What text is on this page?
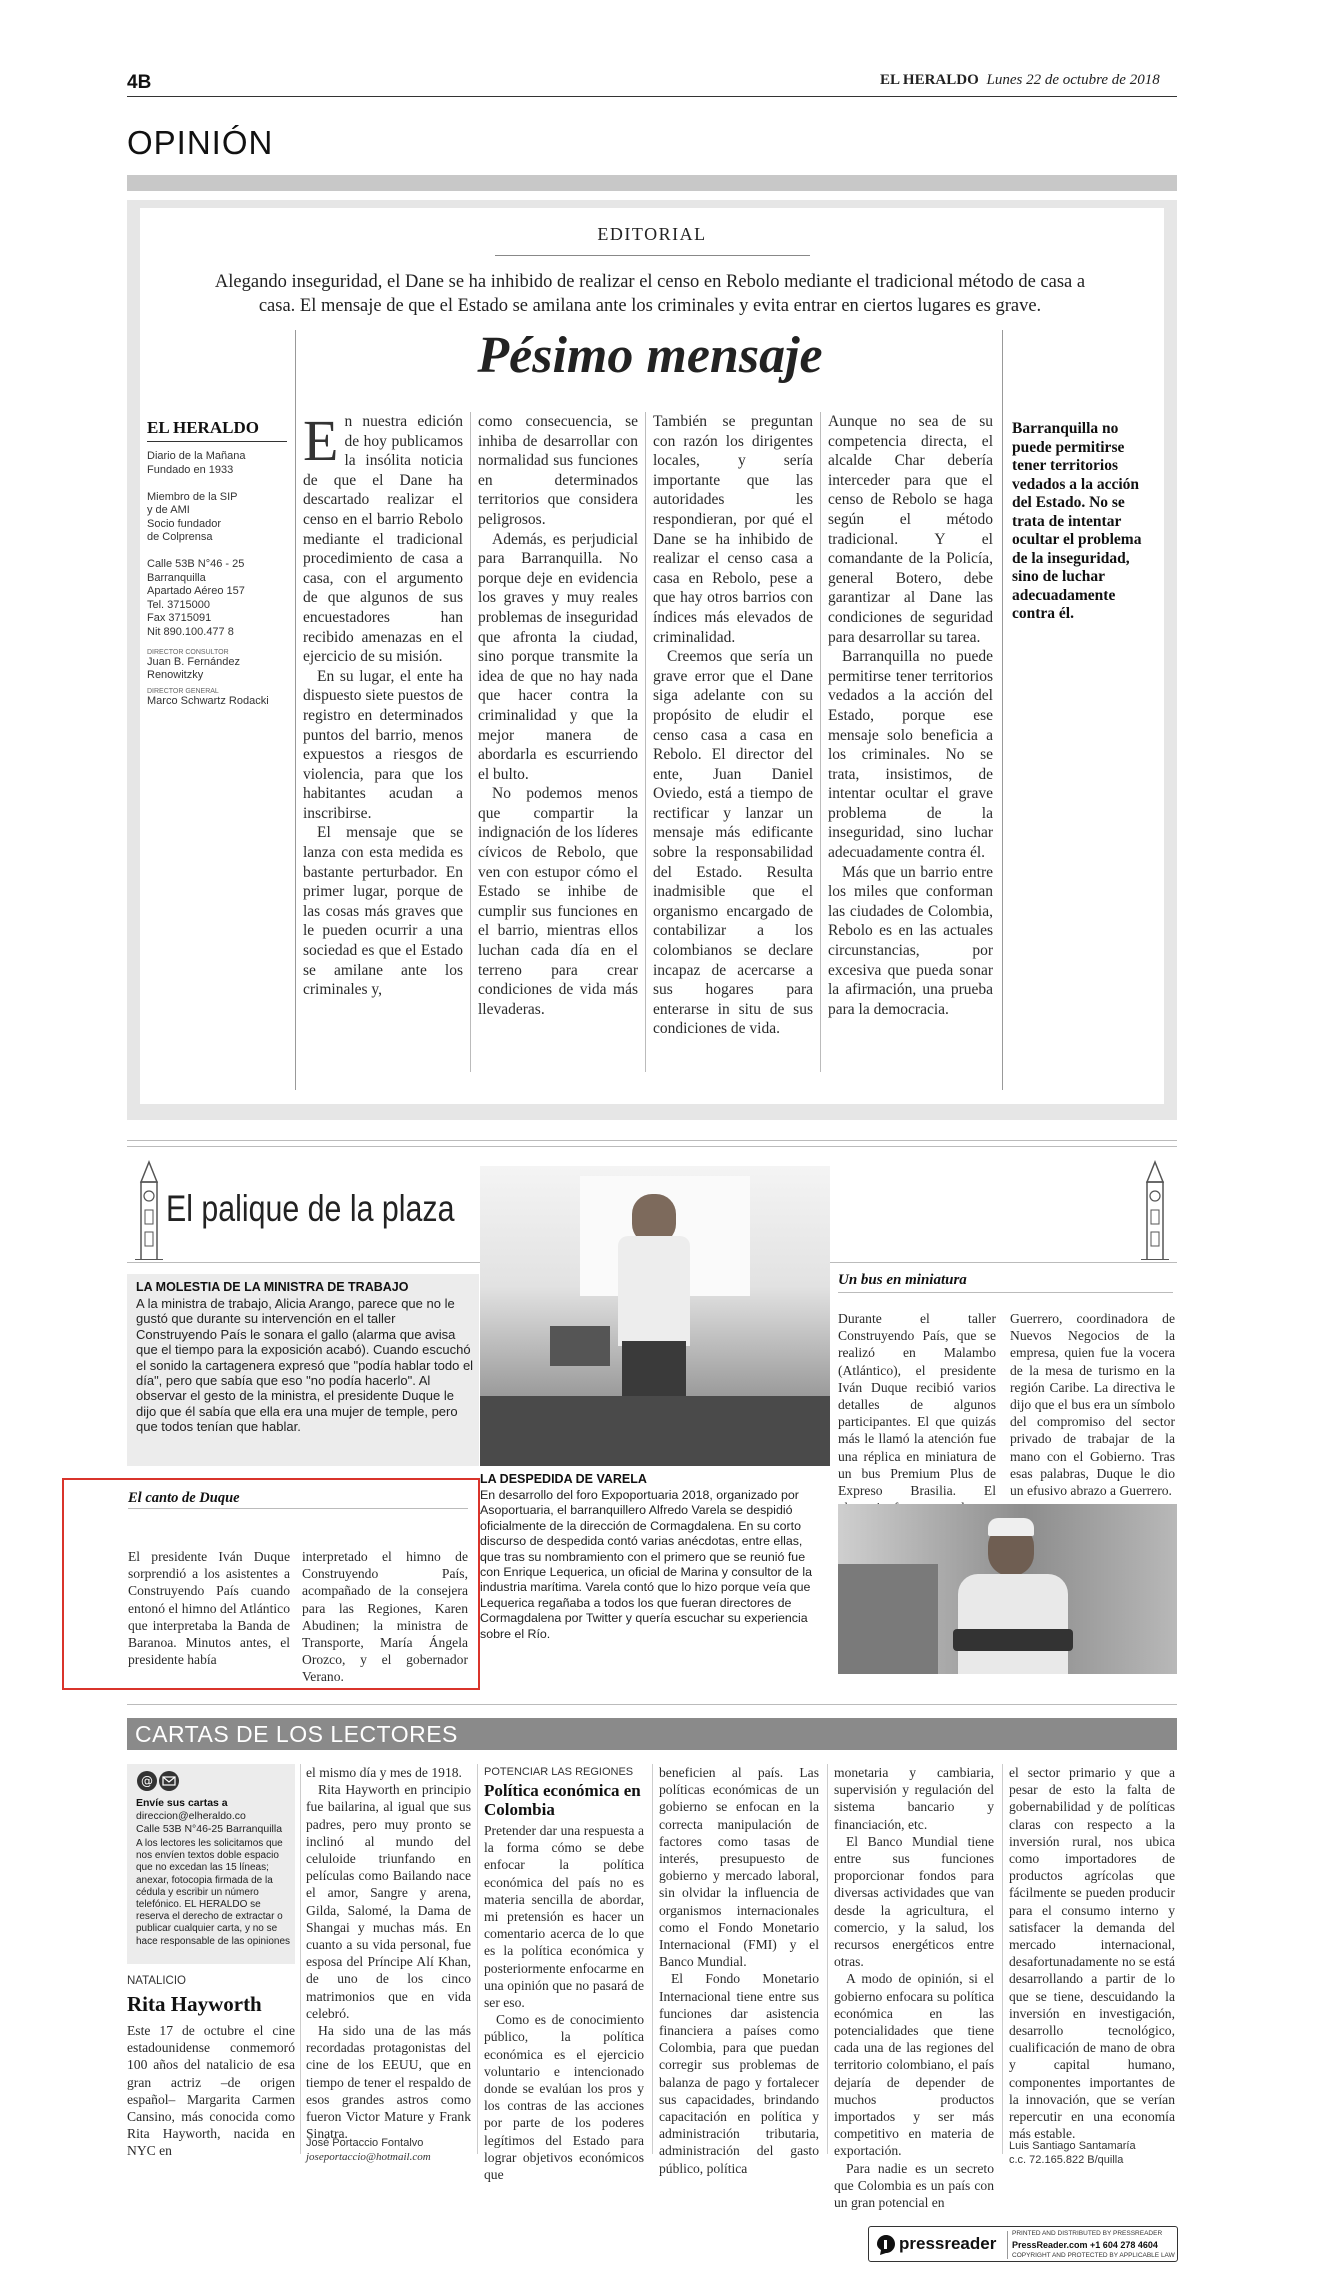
4B	EL HERALDO Lunes 22 de octubre de 2018
OPINIÓN
EDITORIAL
Alegando inseguridad, el Dane se ha inhibido de realizar el censo en Rebolo mediante el tradicional método de casa a casa. El mensaje de que el Estado se amilana ante los criminales y evita entrar en ciertos lugares es grave.
Pésimo mensaje
EL HERALDO
Diario de la Mañana
Fundado en 1933

Miembro de la SIP
y de AMI
Socio fundador
de Colprensa

Calle 53B N°46 - 25
Barranquilla
Apartado Aéreo 157
Tel. 3715000
Fax 3715091
Nit 890.100.477 8
DIRECTOR CONSULTOR
Juan B. Fernández Renowitzky
DIRECTOR GENERAL
Marco Schwartz Rodacki

En nuestra edición de hoy publicamos la insólita noticia de que el Dane ha descartado realizar el censo en el barrio Rebolo mediante el tradicional procedimiento de casa a casa, con el argumento de que algunos de sus encuestadores han recibido amenazas en el ejercicio de su misión.

En su lugar, el ente ha dispuesto siete puestos de registro en determinados puntos del barrio, menos expuestos a riesgos de violencia, para que los habitantes acudan a inscribirse.

El mensaje que se lanza con esta medida es bastante perturbador. En primer lugar, porque de las cosas más graves que le pueden ocurrir a una sociedad es que el Estado se amilane ante los criminales y,

como consecuencia, se inhiba de desarrollar con normalidad sus funciones en determinados territorios que considera peligrosos.

Además, es perjudicial para Barranquilla. No porque deje en evidencia los graves y muy reales problemas de inseguridad que afronta la ciudad, sino porque transmite la idea de que no hay nada que hacer contra la criminalidad y que la mejor manera de abordarla es escurriendo el bulto.

No podemos menos que compartir la indignación de los líderes cívicos de Rebolo, que ven con estupor cómo el Estado se inhibe de cumplir sus funciones en el barrio, mientras ellos luchan cada día en el terreno para crear condiciones de vida más llevaderas.

También se preguntan con razón los dirigentes locales, y sería importante que las autoridades les respondieran, por qué el Dane se ha inhibido de realizar el censo casa a casa en Rebolo, pese a que hay otros barrios con índices más elevados de criminalidad.

Creemos que sería un grave error que el Dane siga adelante con su propósito de eludir el censo casa a casa en Rebolo. El director del ente, Juan Daniel Oviedo, está a tiempo de rectificar y lanzar un mensaje más edificante sobre la responsabilidad del Estado. Resulta inadmisible que el organismo encargado de contabilizar a los colombianos se declare incapaz de acercarse a sus hogares para enterarse in situ de sus condiciones de vida.

Aunque no sea de su competencia directa, el alcalde Char debería interceder para que el censo de Rebolo se haga según el método tradicional. Y el comandante de la Policía, general Botero, debe garantizar al Dane las condiciones de seguridad para desarrollar su tarea.

Barranquilla no puede permitirse tener territorios vedados a la acción del Estado, porque ese mensaje solo beneficia a los criminales. No se trata, insistimos, de intentar ocultar el grave problema de la inseguridad, sino luchar adecuadamente contra él.

Más que un barrio entre los miles que conforman las ciudades de Colombia, Rebolo es en las actuales circunstancias, por excesiva que pueda sonar la afirmación, una prueba para la democracia.

Barranquilla no puede permitirse tener territorios vedados a la acción del Estado. No se trata de intentar ocultar el problema de la inseguridad, sino de luchar adecuadamente contra él.
El palique de la plaza
LA MOLESTIA DE LA MINISTRA DE TRABAJO
A la ministra de trabajo, Alicia Arango, parece que no le gustó que durante su intervención en el taller Construyendo País le sonara el gallo (alarma que avisa que el tiempo para la exposición acabó). Cuando escuchó el sonido la cartagenera expresó que "podía hablar todo el día", pero que sabía que eso "no podía hacerlo". Al observar el gesto de la ministra, el presidente Duque le dijo que él sabía que ella era una mujer de temple, pero que todos tenían que hablar.
El canto de Duque
El presidente Iván Duque sorprendió a los asistentes a Construyendo País cuando entonó el himno del Atlántico que interpretaba la Banda de Baranoa. Minutos antes, el presidente había
interpretado el himno de Construyendo País, acompañado de la consejera para las Regiones, Karen Abudinen; la ministra de Transporte, María Ángela Orozco, y el gobernador Verano.
LA DESPEDIDA DE VARELA
En desarrollo del foro Expoportuaria 2018, organizado por Asoportuaria, el barranquillero Alfredo Varela se despidió oficialmente de la dirección de Cormagdalena. En su corto discurso de despedida contó varias anécdotas, entre ellas, que tras su nombramiento con el primero que se reunió fue con Enrique Lequerica, un oficial de Marina y consultor de la industria marítima. Varela contó que lo hizo porque veía que Lequerica regañaba a todos los que fueran directores de Cormagdalena por Twitter y quería escuchar su experiencia sobre el Río.
Un bus en miniatura
Durante el taller Construyendo País, que se realizó en Malambo (Atlántico), el presidente Iván Duque recibió varios detalles de algunos participantes. El que quizás más le llamó la atención fue una réplica en miniatura de un bus Premium Plus de Expreso Brasilia. El
Guerrero, coordinadora de Nuevos Negocios de la empresa, quien fue la vocera de la mesa de turismo en la región Caribe. La directiva le dijo que el bus era un símbolo del compromiso del sector privado de trabajar de la mano con el Gobierno. Tras esas palabras, Duque le dio un efusivo abrazo a Guerrero.
CARTAS DE LOS LECTORES
@
Envíe sus cartas a
direccion@elheraldo.co
Calle 53B N°46-25 Barranquilla
A los lectores les solicitamos que nos envíen textos doble espacio que no excedan las 15 líneas; anexar, fotocopia firmada de la cédula y escribir un número telefónico. EL HERALDO se reserva el derecho de extractar o publicar cualquier carta, y no se hace responsable de las opiniones
NATALICIO
Rita Hayworth
Este 17 de octubre el cine estadounidense conmemoró 100 años del natalicio de esa gran actriz –de origen español– Margarita Carmen Cansino, más conocida como Rita Hayworth, nacida en NYC en

el mismo día y mes de 1918.

Rita Hayworth en principio fue bailarina, al igual que sus padres, pero muy pronto se inclinó al mundo del celuloide triunfando en películas como Bailando nace el amor, Sangre y arena, Gilda, Salomé, la Dama de Shangai y muchas más. En cuanto a su vida personal, fue esposa del Príncipe Alí Khan, de uno de los cinco matrimonios que en vida celebró.

Ha sido una de las más recordadas protagonistas del cine de los EEUU, que en tiempo de tener el respaldo de esos grandes astros como fueron Victor Mature y Frank Sinatra.

José Portaccio Fontalvo
joseportaccio@hotmail.com
POTENCIAR LAS REGIONES
Política económica en Colombia

Pretender dar una respuesta a la forma cómo se debe enfocar la política económica del país no es materia sencilla de abordar, mi pretensión es hacer un comentario acerca de lo que es la política económica y posteriormente enfocarme en una opinión que no pasará de ser eso.

Como es de conocimiento público, la política económica es el ejercicio voluntario e intencionado donde se evalúan los pros y los contras de las acciones por parte de los poderes legítimos del Estado para lograr objetivos económicos que

beneficien al país. Las políticas económicas de un gobierno se enfocan en la correcta manipulación de factores como tasas de interés, presupuesto de gobierno y mercado laboral, sin olvidar la influencia de organismos internacionales como el Fondo Monetario Internacional (FMI) y el Banco Mundial.

El Fondo Monetario Internacional tiene entre sus funciones dar asistencia financiera a países como Colombia, para que puedan corregir sus problemas de balanza de pago y fortalecer sus capacidades, brindando capacitación en política y administración tributaria, administración del gasto público, política

monetaria y cambiaria, supervisión y regulación del sistema bancario y financiación, etc.

El Banco Mundial tiene entre sus funciones proporcionar fondos para diversas actividades que van desde la agricultura, el comercio, y la salud, los recursos energéticos entre otras.

A modo de opinión, si el gobierno enfocara su política económica en las potencialidades que tiene cada una de las regiones del territorio colombiano, el país dejaría de depender de muchos productos importados y ser más competitivo en materia de exportación.

Para nadie es un secreto que Colombia es un país con un gran potencial en

el sector primario y que a pesar de esto la falta de gobernabilidad y de políticas claras con respecto a la inversión rural, nos ubica como importadores de productos agrícolas que fácilmente se pueden producir para el consumo interno y satisfacer la demanda del mercado internacional, desafortunadamente no se está desarrollando a partir de lo que se tiene, descuidando la inversión en investigación, desarrollo tecnológico, cualificación de mano de obra y capital humano, componentes importantes de la innovación, que se verían repercutir en una economía más estable.
Luis Santiago Santamaría
c.c. 72.165.822 B/quilla
pressreader
PRINTED AND DISTRIBUTED BY PRESSREADER
PressReader.com +1 604 278 4604
COPYRIGHT AND PROTECTED BY APPLICABLE LAW
